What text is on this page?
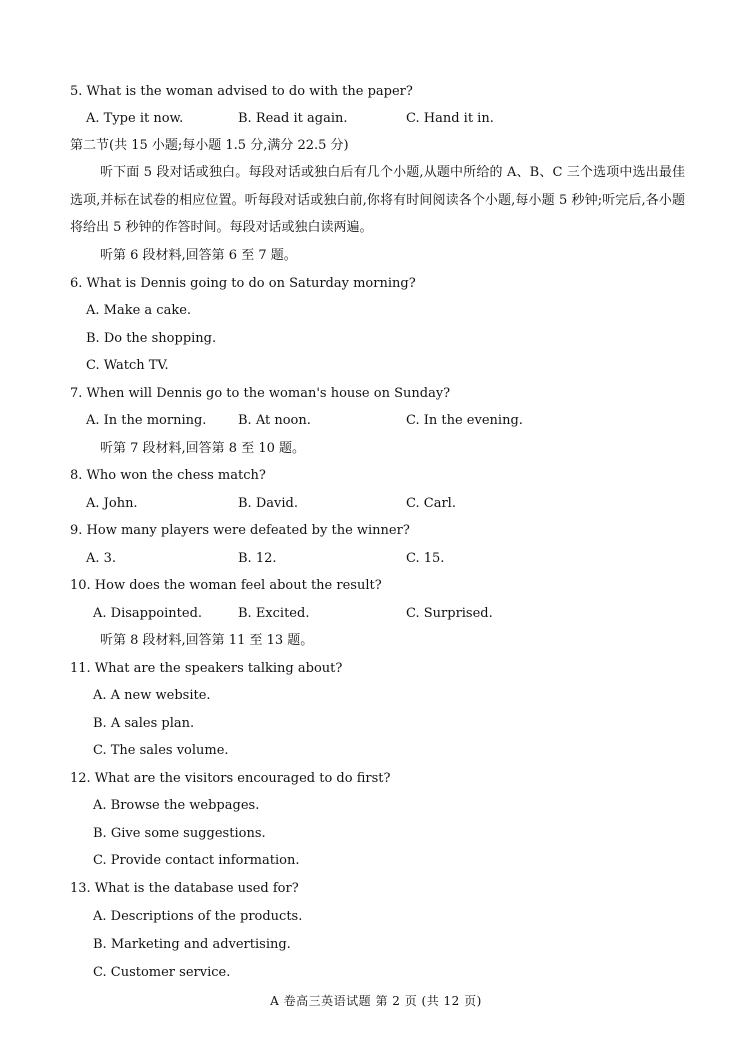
5. What is the woman advised to do with the paper?
A. Type it now.	B. Read it again.	C. Hand it in.
第二节(共 15 小题;每小题 1.5 分,满分 22.5 分)
听下面 5 段对话或独白。每段对话或独白后有几个小题,从题中所给的 A、B、C 三个选项中选出最佳选项,并标在试卷的相应位置。听每段对话或独白前,你将有时间阅读各个小题,每小题 5 秒钟;听完后,各小题将给出 5 秒钟的作答时间。每段对话或独白读两遍。
听第 6 段材料,回答第 6 至 7 题。
6. What is Dennis going to do on Saturday morning?
A. Make a cake.
B. Do the shopping.
C. Watch TV.
7. When will Dennis go to the woman's house on Sunday?
A. In the morning. B. At noon.	C. In the evening.
听第 7 段材料,回答第 8 至 10 题。
8. Who won the chess match?
A. John.	B. David.	C. Carl.
9. How many players were defeated by the winner?
A. 3.	B. 12.	C. 15.
10. How does the woman feel about the result?
A. Disappointed.	B. Excited.	C. Surprised.
听第 8 段材料,回答第 11 至 13 题。
11. What are the speakers talking about?
A. A new website.
B. A sales plan.
C. The sales volume.
12. What are the visitors encouraged to do first?
A. Browse the webpages.
B. Give some suggestions.
C. Provide contact information.
13. What is the database used for?
A. Descriptions of the products.
B. Marketing and advertising.
C. Customer service.
A 卷高三英语试题 第 2 页 (共 12 页)
